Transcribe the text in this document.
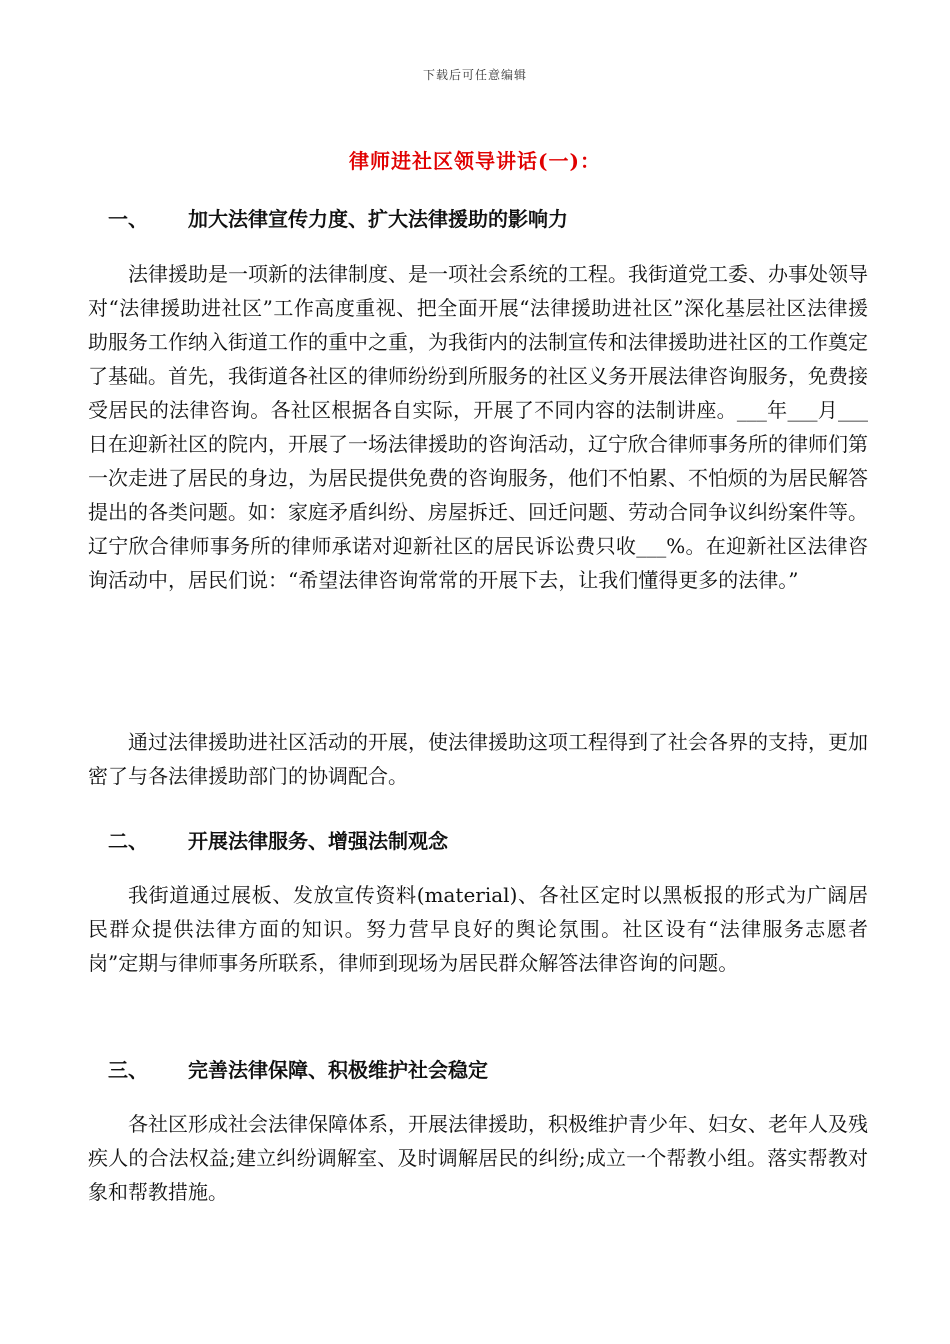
下载后可任意编辑
律师进社区领导讲话(一)：
一、 加大法律宣传力度、扩大法律援助的影响力
法律援助是一项新的法律制度、是一项社会系统的工程。我街道党工委、办事处领导对“法律援助进社区”工作高度重视、把全面开展“法律援助进社区”深化基层社区法律援助服务工作纳入街道工作的重中之重，为我街内的法制宣传和法律援助进社区的工作奠定了基础。首先，我街道各社区的律师纷纷到所服务的社区义务开展法律咨询服务，免费接受居民的法律咨询。各社区根据各自实际，开展了不同内容的法制讲座。___年___月___日在迎新社区的院内，开展了一场法律援助的咨询活动，辽宁欣合律师事务所的律师们第一次走进了居民的身边，为居民提供免费的咨询服务，他们不怕累、不怕烦的为居民解答提出的各类问题。如：家庭矛盾纠纷、房屋拆迁、回迁问题、劳动合同争议纠纷案件等。辽宁欣合律师事务所的律师承诺对迎新社区的居民诉讼费只收___%。在迎新社区法律咨询活动中，居民们说：“希望法律咨询常常的开展下去，让我们懂得更多的法律。”
通过法律援助进社区活动的开展，使法律援助这项工程得到了社会各界的支持，更加密了与各法律援助部门的协调配合。
二、 开展法律服务、增强法制观念
我街道通过展板、发放宣传资料(material)、各社区定时以黑板报的形式为广阔居民群众提供法律方面的知识。努力营早良好的舆论氛围。社区设有“法律服务志愿者岗”定期与律师事务所联系，律师到现场为居民群众解答法律咨询的问题。
三、 完善法律保障、积极维护社会稳定
各社区形成社会法律保障体系，开展法律援助，积极维护青少年、妇女、老年人及残疾人的合法权益;建立纠纷调解室、及时调解居民的纠纷;成立一个帮教小组。落实帮教对象和帮教措施。
